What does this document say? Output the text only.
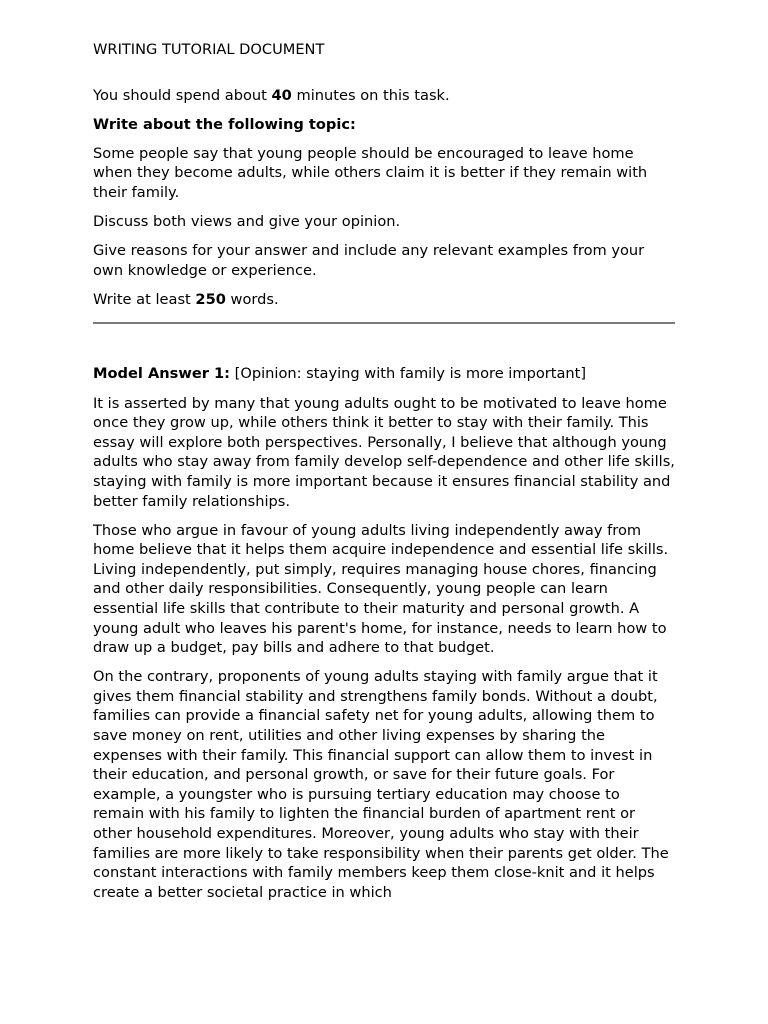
WRITING TUTORIAL DOCUMENT

You should spend about 40 minutes on this task.

Write about the following topic:

Some people say that young people should be encouraged to leave home when they become adults, while others claim it is better if they remain with their family.

Discuss both views and give your opinion.

Give reasons for your answer and include any relevant examples from your own knowledge or experience.

Write at least 250 words.

Model Answer 1: [Opinion: staying with family is more important]

It is asserted by many that young adults ought to be motivated to leave home once they grow up, while others think it better to stay with their family. This essay will explore both perspectives. Personally, I believe that although young adults who stay away from family develop self-dependence and other life skills, staying with family is more important because it ensures financial stability and better family relationships.

Those who argue in favour of young adults living independently away from home believe that it helps them acquire independence and essential life skills. Living independently, put simply, requires managing house chores, financing and other daily responsibilities. Consequently, young people can learn essential life skills that contribute to their maturity and personal growth. A young adult who leaves his parent's home, for instance, needs to learn how to draw up a budget, pay bills and adhere to that budget.

On the contrary, proponents of young adults staying with family argue that it gives them financial stability and strengthens family bonds. Without a doubt, families can provide a financial safety net for young adults, allowing them to save money on rent, utilities and other living expenses by sharing the expenses with their family. This financial support can allow them to invest in their education, and personal growth, or save for their future goals. For example, a youngster who is pursuing tertiary education may choose to remain with his family to lighten the financial burden of apartment rent or other household expenditures. Moreover, young adults who stay with their families are more likely to take responsibility when their parents get older. The constant interactions with family members keep them close-knit and it helps create a better societal practice in which
